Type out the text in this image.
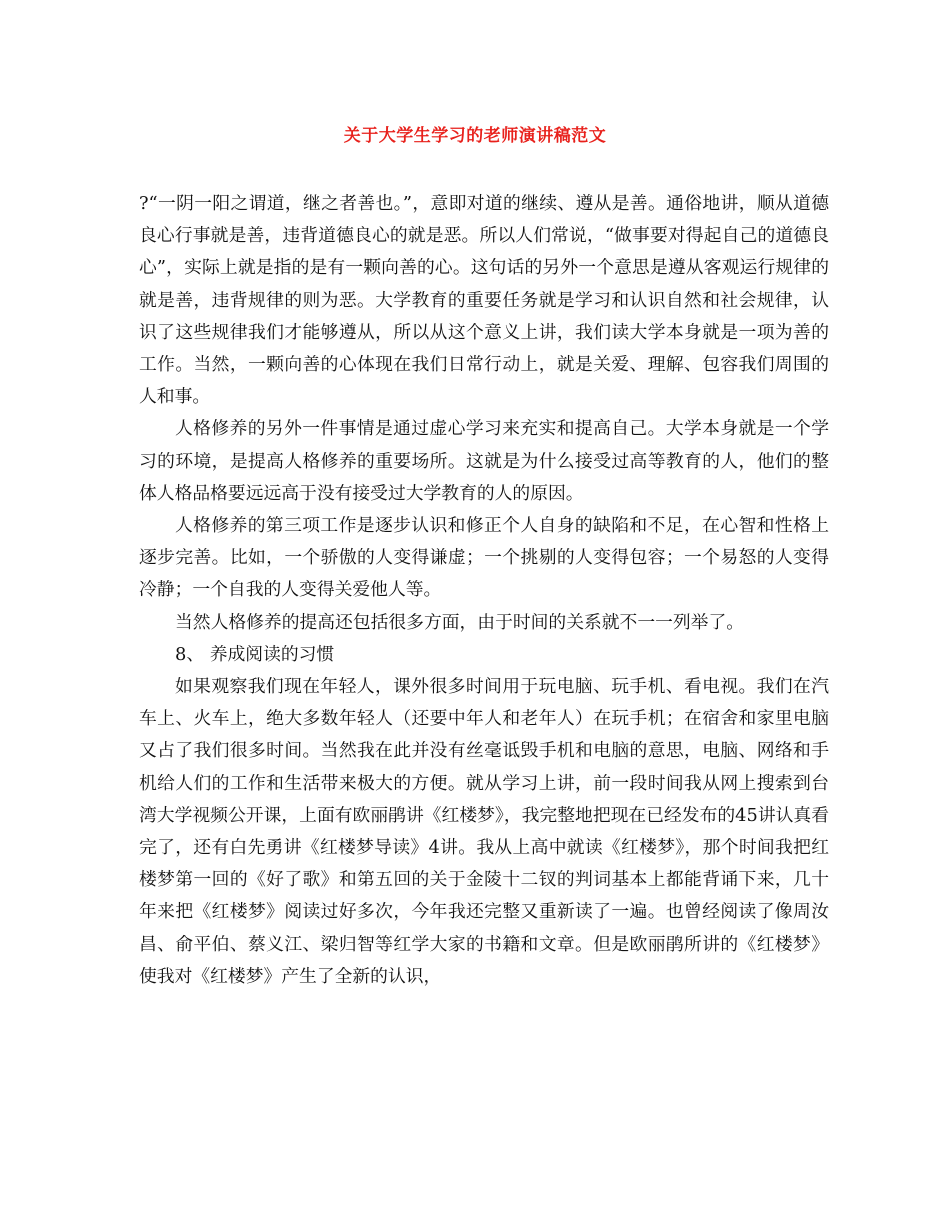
关于大学生学习的老师演讲稿范文

?“一阴一阳之谓道，继之者善也。”，意即对道的继续、遵从是善。通俗地讲，顺从道德良心行事就是善，违背道德良心的就是恶。所以人们常说，“做事要对得起自己的道德良心”，实际上就是指的是有一颗向善的心。这句话的另外一个意思是遵从客观运行规律的就是善，违背规律的则为恶。大学教育的重要任务就是学习和认识自然和社会规律，认识了这些规律我们才能够遵从，所以从这个意义上讲，我们读大学本身就是一项为善的工作。当然，一颗向善的心体现在我们日常行动上，就是关爱、理解、包容我们周围的人和事。

人格修养的另外一件事情是通过虚心学习来充实和提高自己。大学本身就是一个学习的环境，是提高人格修养的重要场所。这就是为什么接受过高等教育的人，他们的整体人格品格要远远高于没有接受过大学教育的人的原因。

人格修养的第三项工作是逐步认识和修正个人自身的缺陷和不足，在心智和性格上逐步完善。比如，一个骄傲的人变得谦虚；一个挑剔的人变得包容；一个易怒的人变得冷静；一个自我的人变得关爱他人等。

当然人格修养的提高还包括很多方面，由于时间的关系就不一一列举了。

8、 养成阅读的习惯

如果观察我们现在年轻人，课外很多时间用于玩电脑、玩手机、看电视。我们在汽车上、火车上，绝大多数年轻人（还要中年人和老年人）在玩手机；在宿舍和家里电脑又占了我们很多时间。当然我在此并没有丝毫诋毁手机和电脑的意思，电脑、网络和手机给人们的工作和生活带来极大的方便。就从学习上讲，前一段时间我从网上搜索到台湾大学视频公开课，上面有欧丽鹃讲《红楼梦》，我完整地把现在已经发布的45讲认真看完了，还有白先勇讲《红楼梦导读》4讲。我从上高中就读《红楼梦》，那个时间我把红楼梦第一回的《好了歌》和第五回的关于金陵十二钗的判词基本上都能背诵下来，几十年来把《红楼梦》阅读过好多次，今年我还完整又重新读了一遍。也曾经阅读了像周汝昌、俞平伯、蔡义江、梁归智等红学大家的书籍和文章。但是欧丽鹃所讲的《红楼梦》使我对《红楼梦》产生了全新的认识，
